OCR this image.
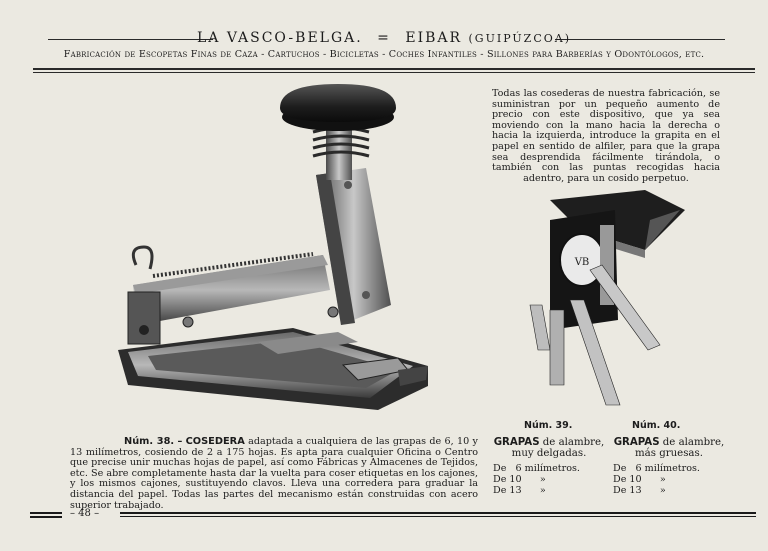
LA VASCO-BELGA. = EIBAR (GUIPÚZCOA)
Fabricación de Escopetas Finas de Caza - Cartuchos - Bicicletas - Coches Infantiles - Sillones para Barberías y Odontólogos, etc.
Todas las cosederas de nuestra fabricación, se suministran por un pequeño aumento de precio con este dispositivo, que ya sea moviendo con la mano hacia la derecha o hacia la izquierda, introduce la grapita en el papel en sentido de alfiler, para que la grapa sea desprendida fácilmente tirándola, o también con las puntas recogidas hacia adentro, para un cosido perpetuo.
VB
Núm. 39.	Núm. 40.
Núm. 38. – COSEDERA adaptada a cualquiera de las grapas de 6, 10 y 13 milímetros, cosiendo de 2 a 175 hojas. Es apta para cualquier Oficina o Centro que precise unir muchas hojas de papel, así como Fábricas y Almacenes de Tejidos, etc. Se abre completamente hasta dar la vuelta para coser etiquetas en los cajones, y los mismos cajones, sustituyendo clavos. Lleva una corredera para graduar la distancia del papel. Todas las partes del mecanismo están construidas con acero superior trabajado.
GRAPAS de alambre,
muy delgadas.
De   6 milímetros.
De 10      »
De 13      »
GRAPAS de alambre,
más gruesas.
De   6 milímetros.
De 10      »
De 13      »
– 48 –
